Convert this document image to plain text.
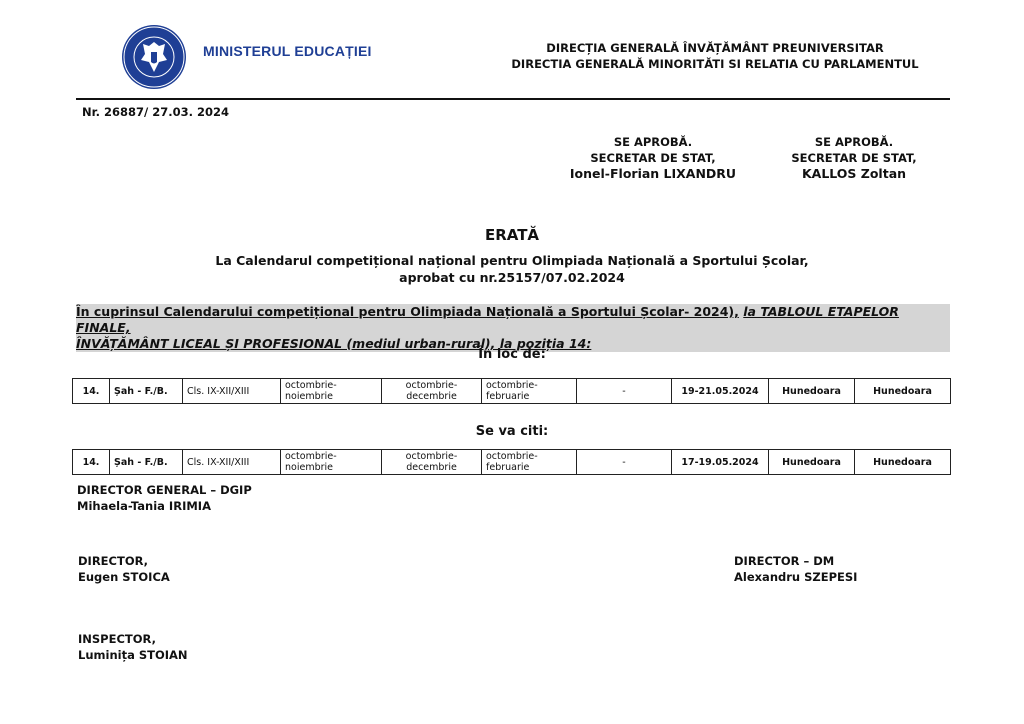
MINISTERUL EDUCAȚIEI	DIRECȚIA GENERALĂ ÎNVĂȚĂMÂNT PREUNIVERSITAR
DIRECTIA GENERALĂ MINORITĂTI SI RELATIA CU PARLAMENTUL
Nr. 26887/ 27.03. 2024
SE APROBĂ.
SECRETAR DE STAT,
Ionel-Florian LIXANDRU
SE APROBĂ.
SECRETAR DE STAT,
KALLOS Zoltan
ERATĂ
La Calendarul competițional național pentru Olimpiada Națională a Sportului Școlar,
aprobat cu nr.25157/07.02.2024
În cuprinsul Calendarului competițional pentru Olimpiada Națională a Sportului Școlar- 2024), la TABLOUL ETAPELOR FINALE,
ÎNVĂȚĂMÂNT LICEAL ȘI PROFESIONAL (mediul urban-rural), la poziția 14:
În loc de:
14.	Șah - F./B.	Cls. IX-XII/XIII	octombrie-noiembrie	octombrie-decembrie	octombrie-februarie	-	19-21.05.2024	Hunedoara	Hunedoara
Se va citi:
14.	Șah - F./B.	Cls. IX-XII/XIII	octombrie-noiembrie	octombrie-decembrie	octombrie-februarie	-	17-19.05.2024	Hunedoara	Hunedoara
DIRECTOR GENERAL – DGIP
Mihaela-Tania IRIMIA
DIRECTOR,
Eugen STOICA
DIRECTOR – DM
Alexandru SZEPESI
INSPECTOR,
Luminița STOIAN
